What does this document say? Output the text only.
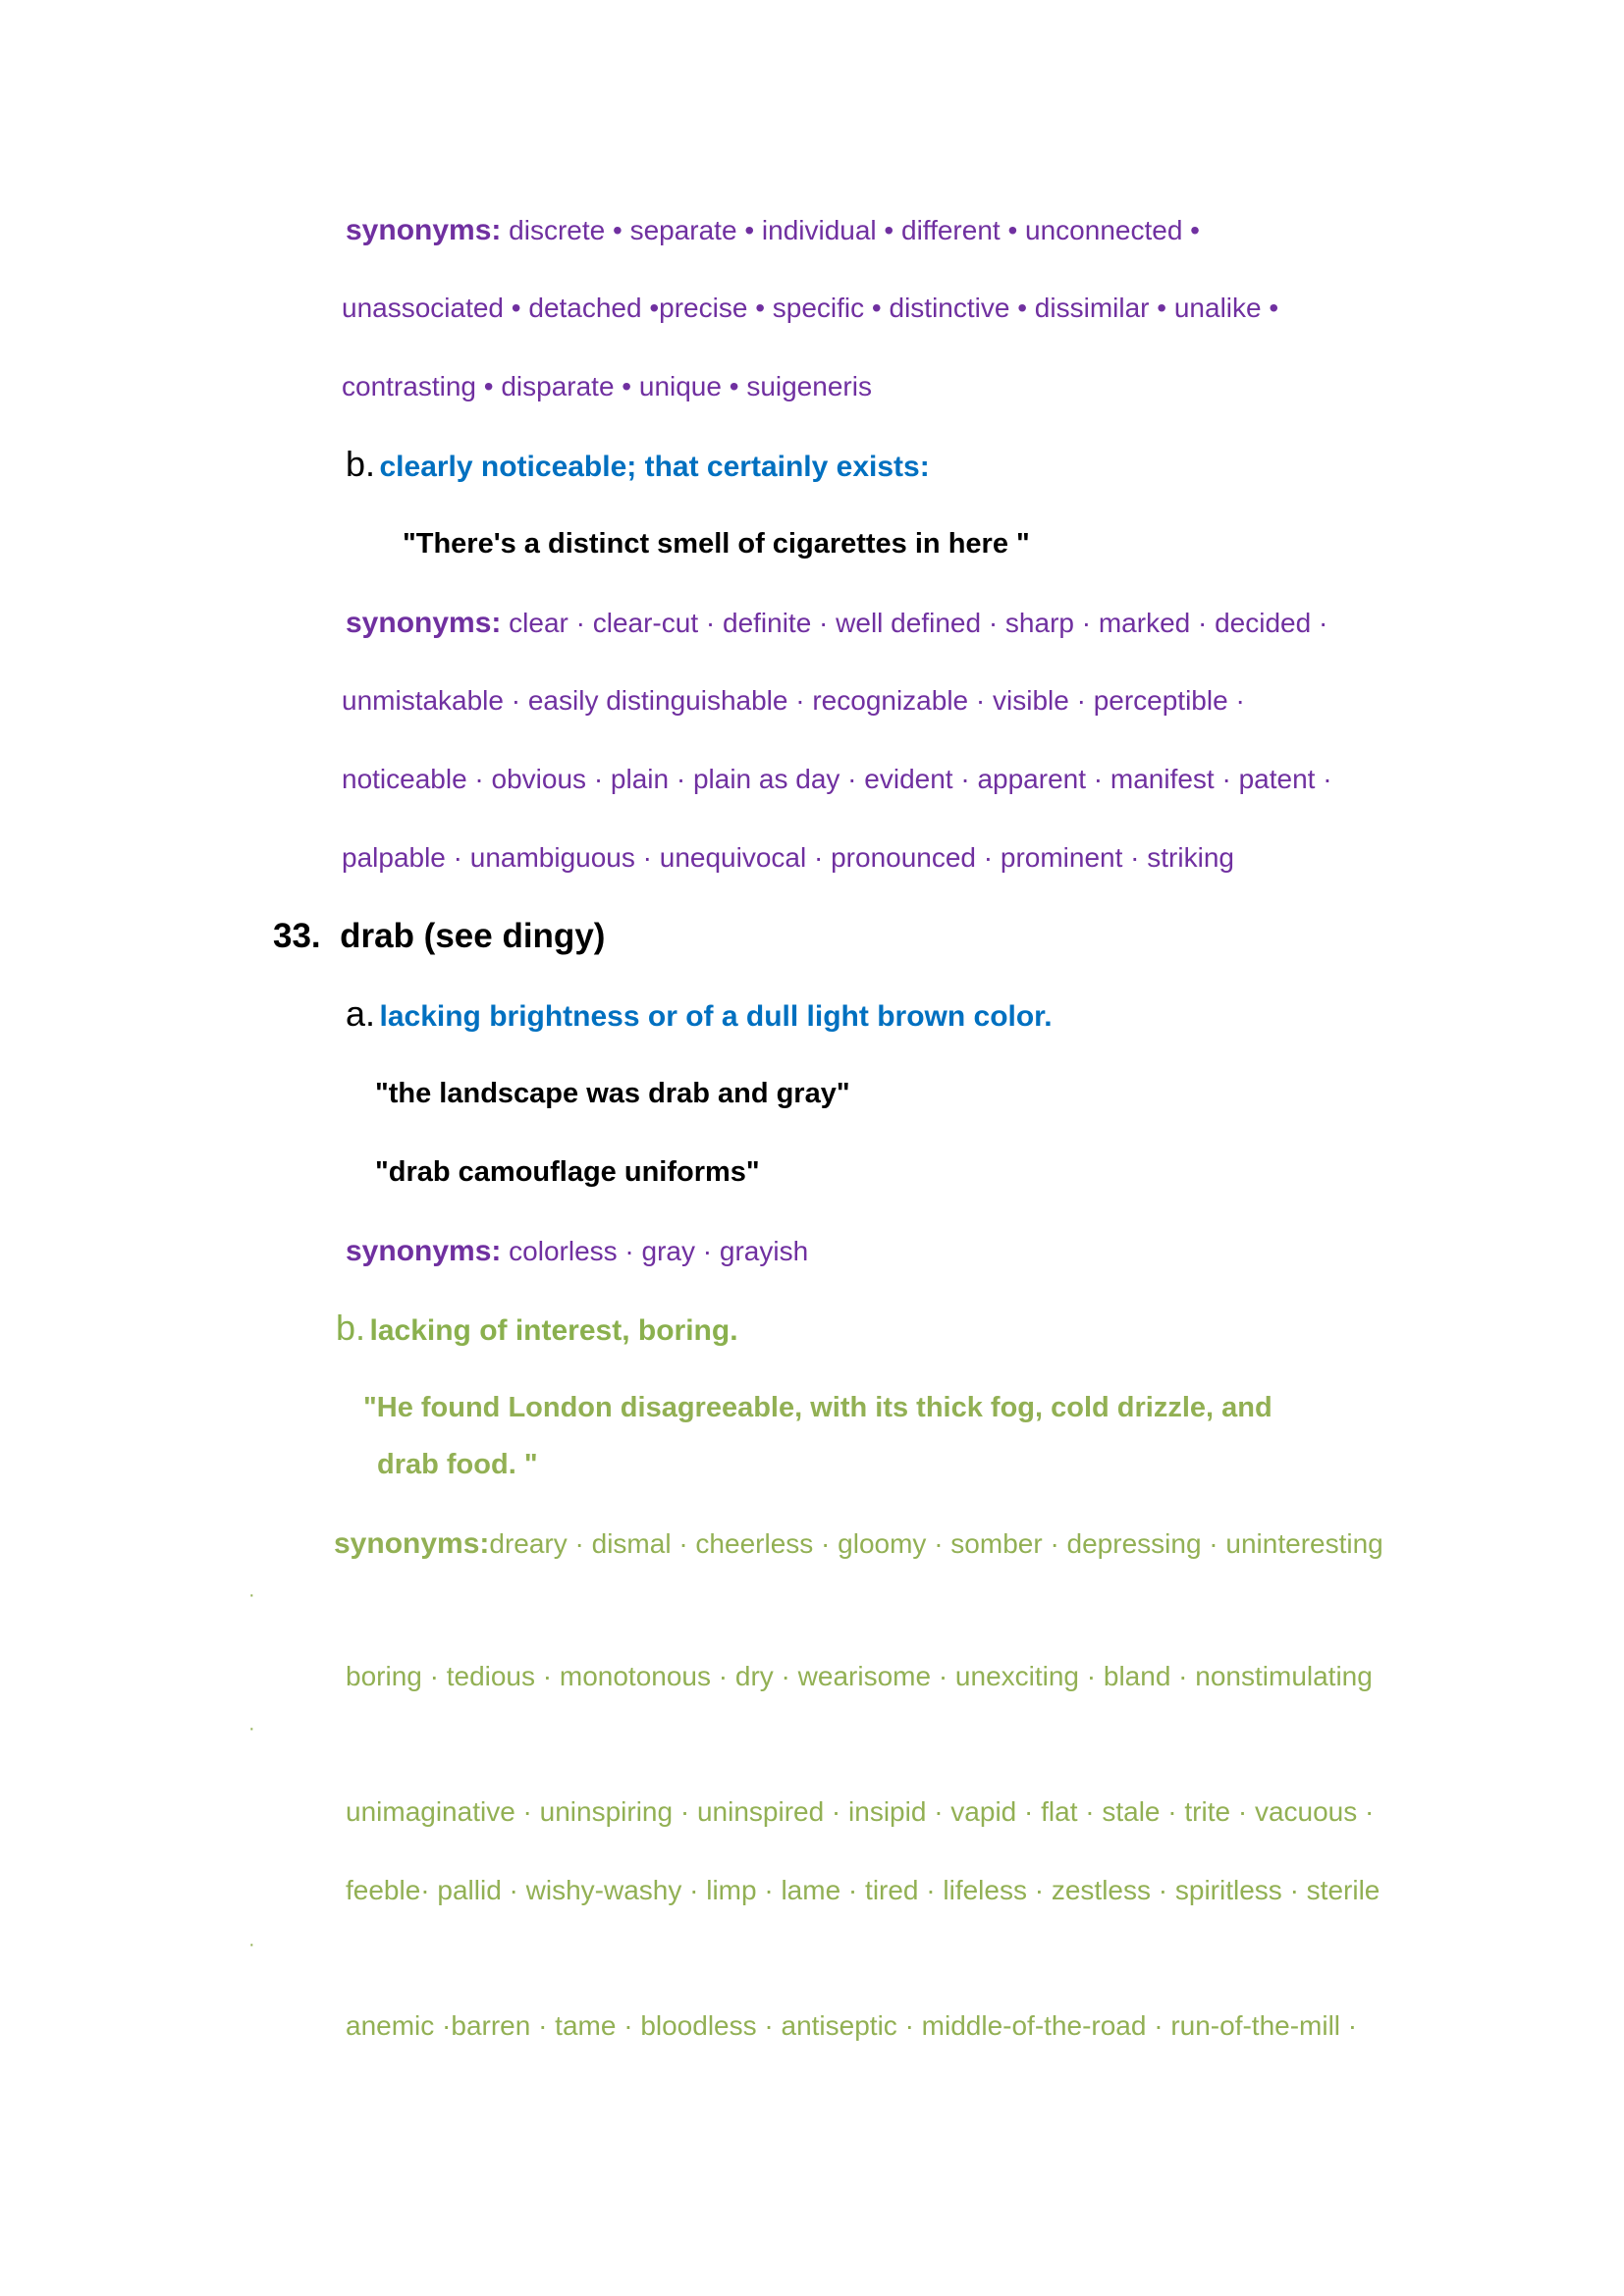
synonyms: discrete • separate • individual • different • unconnected •
unassociated • detached •precise • specific • distinctive • dissimilar • unalike •
contrasting • disparate • unique • suigeneris
b. clearly noticeable; that certainly exists:
"There's a distinct smell of cigarettes in here "
synonyms: clear · clear-cut · definite · well defined · sharp · marked · decided ·
unmistakable · easily distinguishable · recognizable · visible · perceptible ·
noticeable · obvious · plain · plain as day · evident · apparent · manifest · patent ·
palpable · unambiguous · unequivocal · pronounced · prominent · striking
33. drab (see dingy)
a. lacking brightness or of a dull light brown color.
"the landscape was drab and gray"
"drab camouflage uniforms"
synonyms: colorless · gray · grayish
b. lacking of interest, boring.
"He found London disagreeable, with its thick fog, cold drizzle, and
drab food. "
synonyms:dreary · dismal · cheerless · gloomy · somber · depressing · uninteresting
·
boring · tedious · monotonous · dry · wearisome · unexciting · bland · nonstimulating
·
unimaginative · uninspiring · uninspired · insipid · vapid · flat · stale · trite · vacuous ·
feeble· pallid · wishy-washy · limp · lame · tired · lifeless · zestless · spiritless · sterile
·
anemic ·barren · tame · bloodless · antiseptic · middle-of-the-road · run-of-the-mill ·
